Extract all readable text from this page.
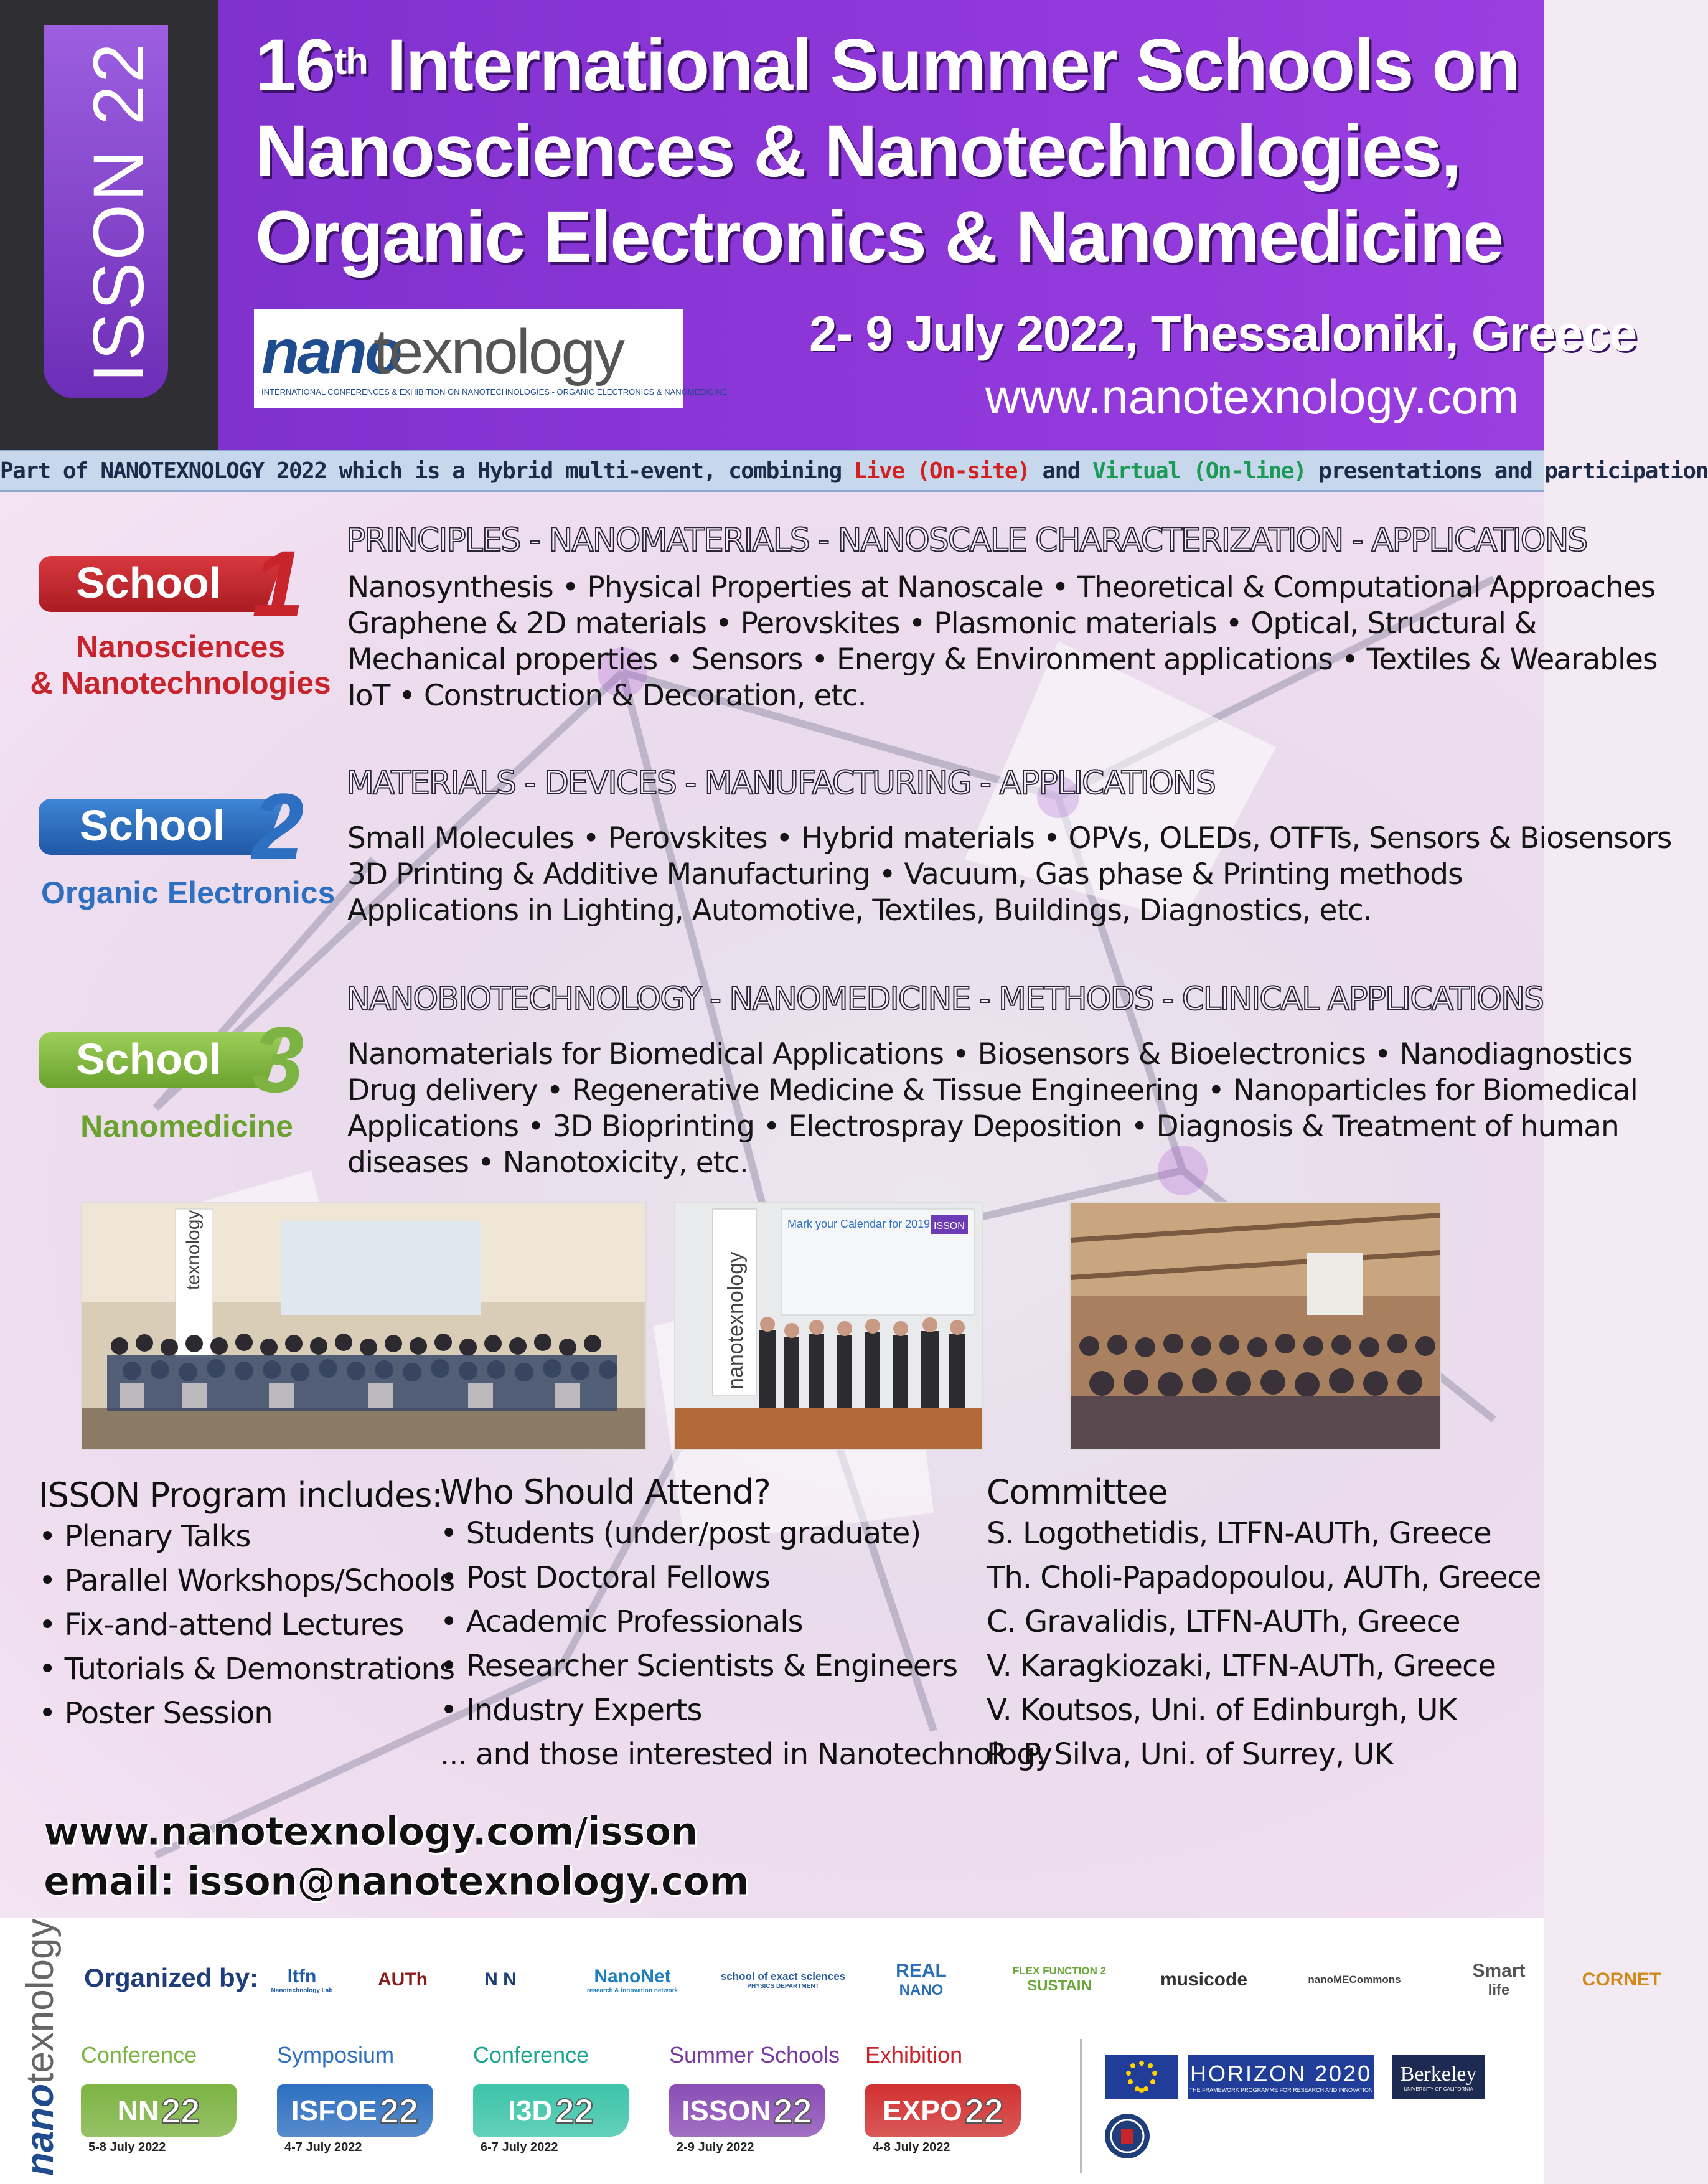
ISSON 22 16th International Summer Schools on
Nanosciences & Nanotechnologies,
Organic Electronics & Nanomedicine
nano
texnology
INTERNATIONAL CONFERENCES & EXHIBITION ON NANOTECHNOLOGIES - ORGANIC ELECTRONICS & NANOMEDICINE
2- 9 July 2022, Thessaloniki, Greece
www.nanotexnology.com
Part of NANOTEXNOLOGY 2022 which is a Hybrid multi-event, combining Live (On-site) and Virtual (On-line) presentations and participation
School 1
Nanosciences
& Nanotechnologies
PRINCIPLES - NANOMATERIALS - NANOSCALE CHARACTERIZATION - APPLICATIONS
Nanosynthesis • Physical Properties at Nanoscale • Theoretical & Computational Approaches
Graphene & 2D materials • Perovskites • Plasmonic materials • Optical, Structural &
Mechanical properties • Sensors • Energy & Environment applications • Textiles & Wearables
IoT • Construction & Decoration, etc.
School 2
Organic Electronics
MATERIALS - DEVICES - MANUFACTURING - APPLICATIONS
Small Molecules • Perovskites • Hybrid materials • OPVs, OLEDs, OTFTs, Sensors & Biosensors
3D Printing & Additive Manufacturing • Vacuum, Gas phase & Printing methods
Applications in Lighting, Automotive, Textiles, Buildings, Diagnostics, etc.
School 3
Nanomedicine
NANOBIOTECHNOLOGY - NANOMEDICINE - METHODS - CLINICAL APPLICATIONS
Nanomaterials for Biomedical Applications • Biosensors & Bioelectronics • Nanodiagnostics
Drug delivery • Regenerative Medicine & Tissue Engineering • Nanoparticles for Biomedical
Applications • 3D Bioprinting • Electrospray Deposition • Diagnosis & Treatment of human
diseases • Nanotoxicity, etc.
texnology
nanotexnology
Mark your Calendar for 2019 ISSON
ISSON Program includes:
• Plenary Talks
• Parallel Workshops/Schools
• Fix-and-attend Lectures
• Tutorials & Demonstrations
• Poster Session
Who Should Attend?
• Students (under/post graduate)
• Post Doctoral Fellows
• Academic Professionals
• Researcher Scientists & Engineers
• Industry Experts
... and those interested in Nanotechnology
Committee
S. Logothetidis, LTFN-AUTh, Greece
Th. Choli-Papadopoulou, AUTh, Greece
C. Gravalidis, LTFN-AUTh, Greece
V. Karagkiozaki, LTFN-AUTh, Greece
V. Koutsos, Uni. of Edinburgh, UK
R. P. Silva, Uni. of Surrey, UK
www.nanotexnology.com/isson
email: isson@nanotexnology.com
nanotexnology Organized by: ltfn
Nanotechnology Lab
AUTh	N N	NanoNet
research & innovation network
school of exact sciences
PHYSICS DEPARTMENT
REAL
NANO
FLEX FUNCTION 2
SUSTAIN	musicode	nanoMECommons	Smart
life
CORNET
Conference
NN 22
5-8 July 2022
Symposium
ISFOE 22
4-7 July 2022
Conference
I3D 22
6-7 July 2022
Summer Schools
ISSON 22
2-9 July 2022
Exhibition
EXPO 22
4-8 July 2022
HORIZON 2020
THE FRAMEWORK PROGRAMME FOR RESEARCH AND INNOVATION
Berkeley
UNIVERSITY OF CALIFORNIA
